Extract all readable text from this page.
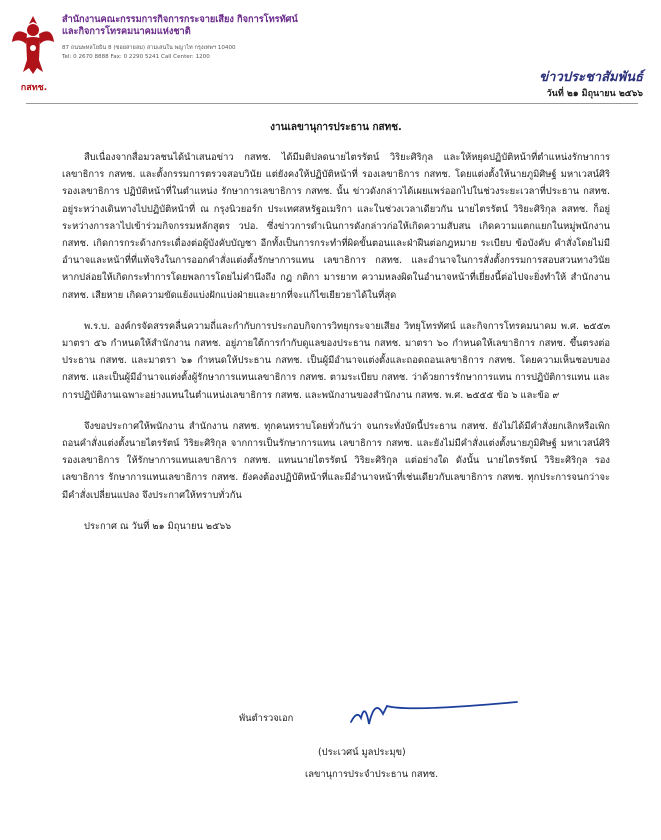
กสทช.
สำนักงานคณะกรรมการกิจการกระจายเสียง กิจการโทรทัศน์
และกิจการโทรคมนาคมแห่งชาติ
87 ถนนพหลโยธิน 8 (ซอยสายลม) สามเสนใน พญาไท กรุงเทพฯ 10400
Tel: 0 2670 8888 Fax: 0 2290 5241 Call Center: 1200
ข่าวประชาสัมพันธ์
วันที่ ๒๑ มิถุนายน ๒๕๖๖
งานเลขานุการประธาน กสทช.

สืบเนื่องจากสื่อมวลชนได้นำเสนอข่าว กสทช. ได้มีมติปลดนายไตรรัตน์ วิริยะศิริกุล และให้หยุดปฏิบัติหน้าที่ตำแหน่งรักษาการเลขาธิการ กสทช. และตั้งกรรมการตรวจสอบวินัย แต่ยังคงให้ปฏิบัติหน้าที่ รองเลขาธิการ กสทช. โดยแต่งตั้งให้นายภูมิศิษฐ์ มหาเวสน์ศิริ รองเลขาธิการ ปฏิบัติหน้าที่ในตำแหน่ง รักษาการเลขาธิการ กสทช. นั้น ข่าวดังกล่าวได้เผยแพร่ออกไปในช่วงระยะเวลาที่ประธาน กสทช. อยู่ระหว่างเดินทางไปปฏิบัติหน้าที่ ณ กรุงนิวยอร์ก ประเทศสหรัฐอเมริกา และในช่วงเวลาเดียวกัน นายไตรรัตน์ วิริยะศิริกุล ลสทช. ก็อยู่ระหว่างการลาไปเข้าร่วมกิจกรรมหลักสูตร วปอ. ซึ่งข่าวการดำเนินการดังกล่าวก่อให้เกิดความสับสน เกิดความแตกแยกในหมู่พนักงาน กสทช. เกิดการกระด้างกระเดื่องต่อผู้บังคับบัญชา อีกทั้งเป็นการกระทำที่ผิดขั้นตอนและฝ่าฝืนต่อกฎหมาย ระเบียบ ข้อบังคับ คำสั่งโดยไม่มีอำนาจและหน้าที่ที่แท้จริงในการออกคำสั่งแต่งตั้งรักษาการแทน เลขาธิการ กสทช. และอำนาจในการสั่งตั้งกรรมการสอบสวนทางวินัย หากปล่อยให้เกิดกระทำการโดยพลการโดยไม่คำนึงถึง กฎ กติกา มารยาท ความหลงผิดในอำนาจหน้าที่เยี่ยงนี้ต่อไปจะยิ่งทำให้ สำนักงาน กสทช. เสียหาย เกิดความขัดแย้งแบ่งฝักแบ่งฝ่ายและยากที่จะแก้ไขเยียวยาได้ในที่สุด

พ.ร.บ. องค์กรจัดสรรคลื่นความถี่และกำกับการประกอบกิจการวิทยุกระจายเสียง วิทยุโทรทัศน์ และกิจการโทรคมนาคม พ.ศ. ๒๕๕๓ มาตรา ๕๖ กำหนดให้สำนักงาน กสทช. อยู่ภายใต้การกำกับดูแลของประธาน กสทช. มาตรา ๖๐ กำหนดให้เลขาธิการ กสทช. ขึ้นตรงต่อประธาน กสทช. และมาตรา ๖๑ กำหนดให้ประธาน กสทช. เป็นผู้มีอำนาจแต่งตั้งและถอดถอนเลขาธิการ กสทช. โดยความเห็นชอบของ กสทช. และเป็นผู้มีอำนาจแต่งตั้งผู้รักษาการแทนเลขาธิการ กสทช. ตามระเบียบ กสทช. ว่าด้วยการรักษาการแทน การปฏิบัติการแทน และการปฏิบัติงานเฉพาะอย่างแทนในตำแหน่งเลขาธิการ กสทช. และพนักงานของสำนักงาน กสทช. พ.ศ. ๒๕๕๕ ข้อ ๖ และข้อ ๙

จึงขอประกาศให้พนักงาน สำนักงาน กสทช. ทุกคนทราบโดยทั่วกันว่า จนกระทั่งบัดนี้ประธาน กสทช. ยังไม่ได้มีคำสั่งยกเลิกหรือเพิกถอนคำสั่งแต่งตั้งนายไตรรัตน์ วิริยะศิริกุล จากการเป็นรักษาการแทน เลขาธิการ กสทช. และยังไม่มีคำสั่งแต่งตั้งนายภูมิศิษฐ์ มหาเวสน์ศิริ รองเลขาธิการ ให้รักษาการแทนเลขาธิการ กสทช. แทนนายไตรรัตน์ วิริยะศิริกุล แต่อย่างใด ดังนั้น นายไตรรัตน์ วิริยะศิริกุล รองเลขาธิการ รักษาการแทนเลขาธิการ กสทช. ยังคงต้องปฏิบัติหน้าที่และมีอำนาจหน้าที่เช่นเดียวกับเลขาธิการ กสทช. ทุกประการจนกว่าจะมีคำสั่งเปลี่ยนแปลง จึงประกาศให้ทราบทั่วกัน

ประกาศ ณ วันที่ ๒๑ มิถุนายน ๒๕๖๖
พันตำรวจเอก
(ประเวศน์ มูลประมุข)
เลขานุการประจำประธาน กสทช.
